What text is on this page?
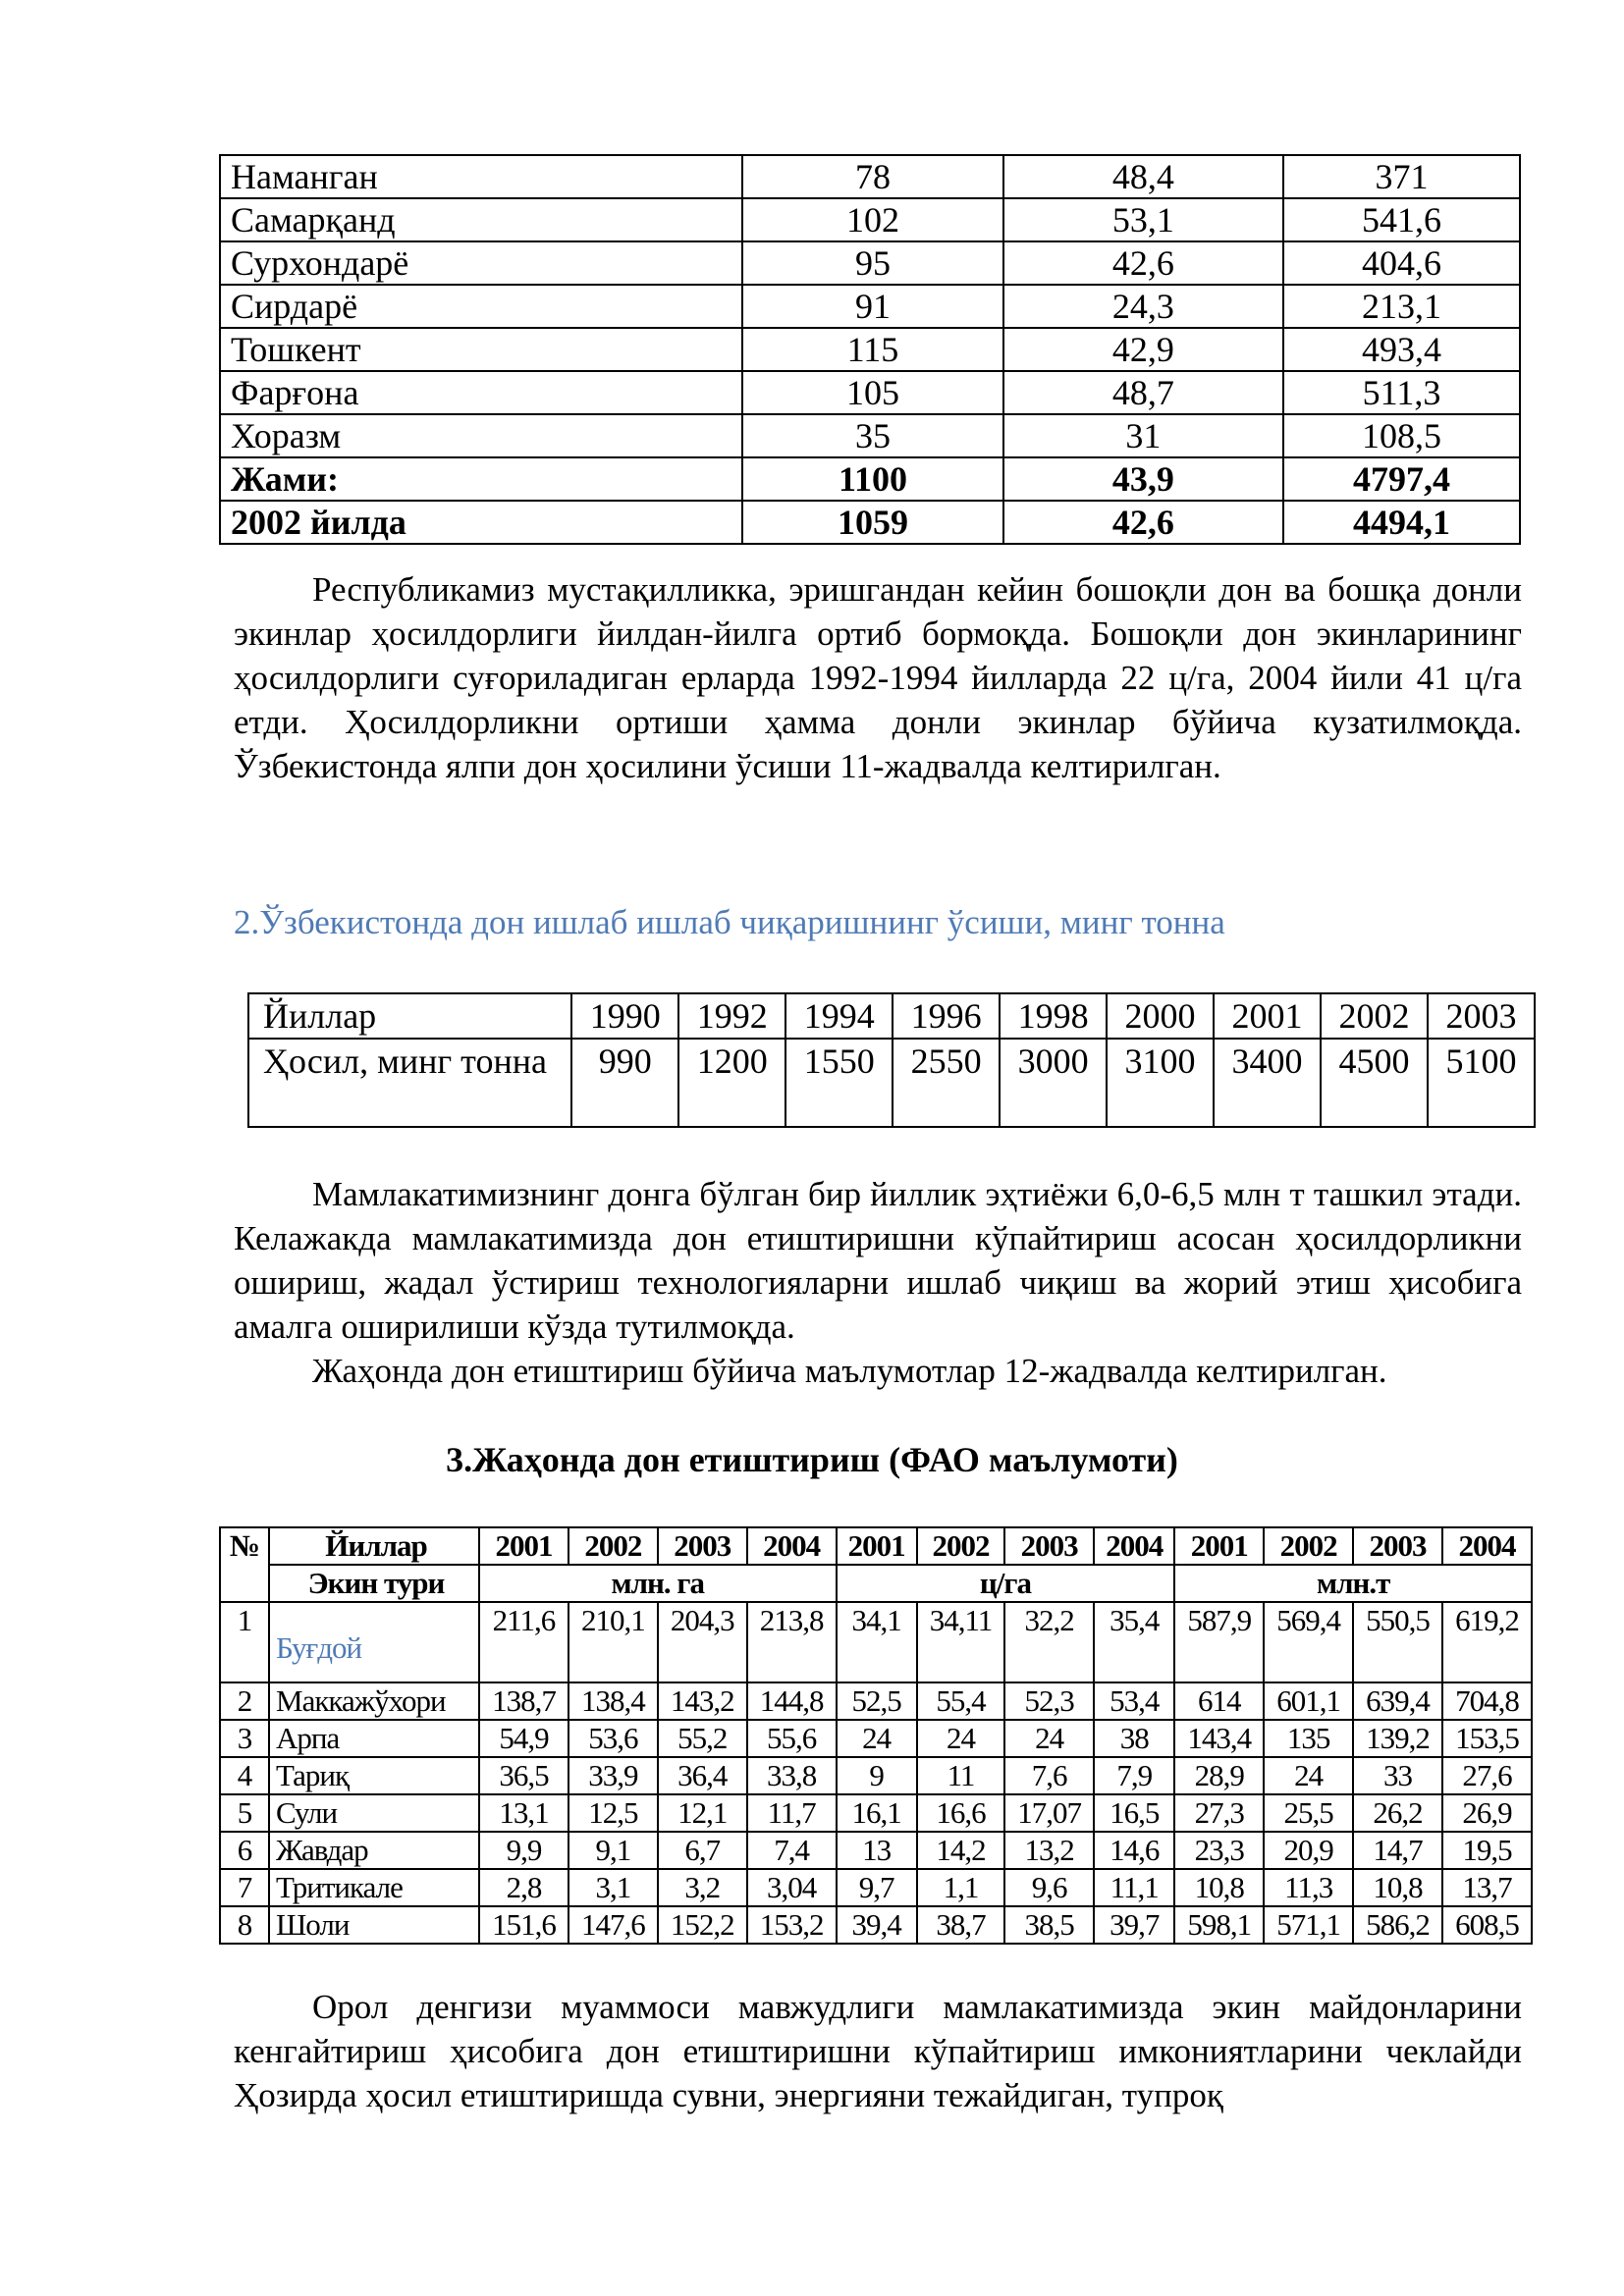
Наманган	78	48,4	371
Самарқанд	102	53,1	541,6
Сурхондарё	95	42,6	404,6
Сирдарё	91	24,3	213,1
Тошкент	115	42,9	493,4
Фарғона	105	48,7	511,3
Хоразм	35	31	108,5
Жами:	1100	43,9	4797,4
2002 йилда	1059	42,6	4494,1

Республикамиз мустақилликка, эришгандан кейин бошоқли дон ва бошқа донли экинлар ҳосилдорлиги йилдан-йилга ортиб бормоқда. Бошоқли дон экинларининг ҳосилдорлиги суғориладиган ерларда 1992-1994 йилларда 22 ц/га, 2004 йили 41 ц/га етди. Ҳосилдорликни ортиши ҳамма донли экинлар бўйича кузатилмоқда. Ўзбекистонда ялпи дон ҳосилини ўсиши 11-жадвалда келтирилган.

2.Ўзбекистонда дон ишлаб ишлаб чиқаришнинг ўсиши, минг тонна
Йиллар	1990	1992	1994	1996	1998	2000	2001	2002	2003
Ҳосил, минг тонна	990	1200	1550	2550	3000	3100	3400	4500	5100

Мамлакатимизнинг донга бўлган бир йиллик эҳтиёжи 6,0-6,5 млн т ташкил этади. Келажакда мамлакатимизда дон етиштиришни кўпайтириш асосан ҳосилдорликни ошириш, жадал ўстириш технологияларни ишлаб чиқиш ва жорий этиш ҳисобига амалга оширилиши кўзда тутилмоқда.

Жаҳонда дон етиштириш бўйича маълумотлар 12-жадвалда келтирилган.

3.Жаҳонда дон етиштириш (ФАО маълумоти)
№	Йиллар	2001	2002	2003	2004	2001	2002	2003	2004	2001	2002	2003	2004
	Экин тури	млн. га				ц/га				млн.т			
1	Буғдой	211,6	210,1	204,3	213,8	34,1	34,11	32,2	35,4	587,9	569,4	550,5	619,2
2	Маккажўхори	138,7	138,4	143,2	144,8	52,5	55,4	52,3	53,4	614	601,1	639,4	704,8
3	Арпа	54,9	53,6	55,2	55,6	24	24	24	38	143,4	135	139,2	153,5
4	Тариқ	36,5	33,9	36,4	33,8	9	11	7,6	7,9	28,9	24	33	27,6
5	Сули	13,1	12,5	12,1	11,7	16,1	16,6	17,07	16,5	27,3	25,5	26,2	26,9
6	Жавдар	9,9	9,1	6,7	7,4	13	14,2	13,2	14,6	23,3	20,9	14,7	19,5
7	Тритикале	2,8	3,1	3,2	3,04	9,7	1,1	9,6	11,1	10,8	11,3	10,8	13,7
8	Шоли	151,6	147,6	152,2	153,2	39,4	38,7	38,5	39,7	598,1	571,1	586,2	608,5

Орол денгизи муаммоси мавжудлиги мамлакатимизда экин майдонларини кенгайтириш ҳисобига дон етиштиришни кўпайтириш имкониятларини чеклайди Ҳозирда ҳосил етиштиришда сувни, энергияни тежайдиган, тупроқ
